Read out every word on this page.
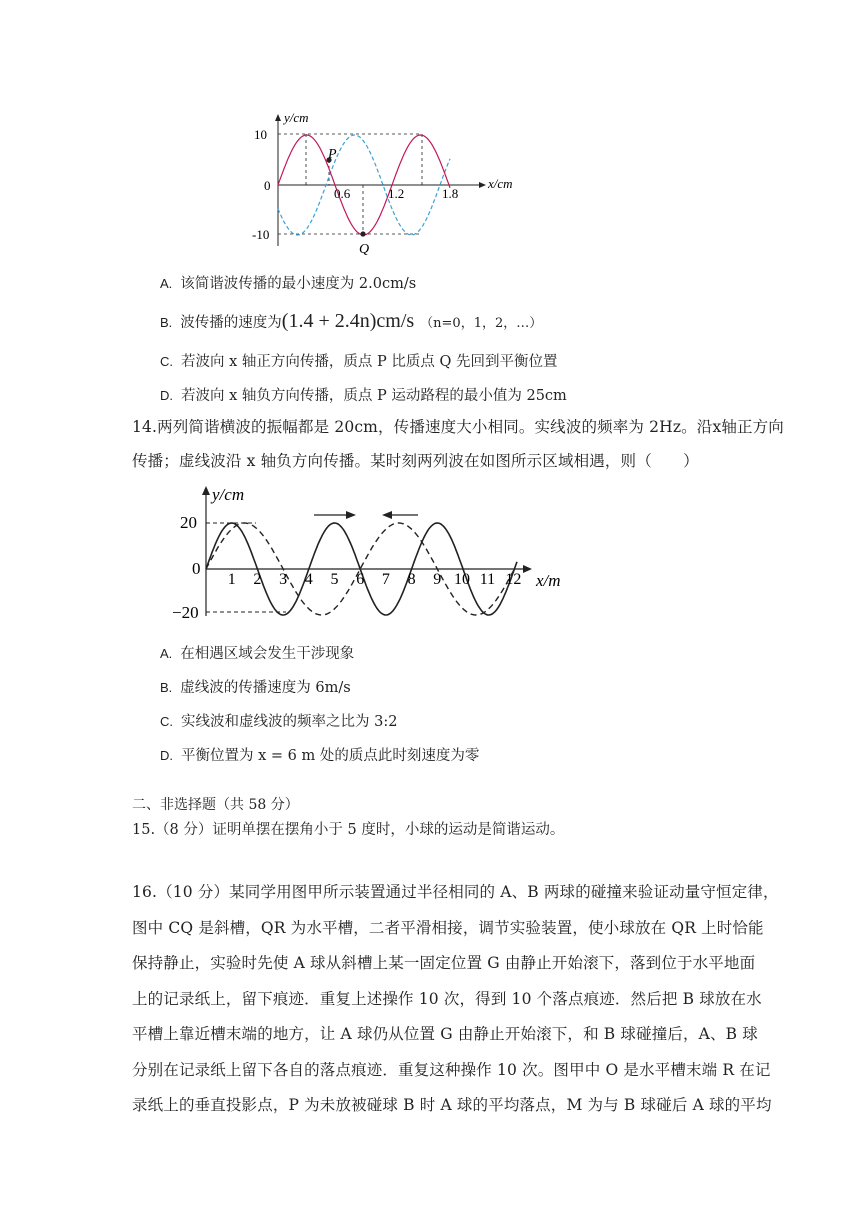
y/cm
x/cm
10
0
-10
0.6	1.2	1.8
P
Q
A. 该简谐波传播的最小速度为 2.0cm/s
B. 波传播的速度为(1.4 + 2.4n)cm/s （n=0，1，2，…）
C. 若波向 x 轴正方向传播，质点 P 比质点 Q 先回到平衡位置
D. 若波向 x 轴负方向传播，质点 P 运动路程的最小值为 25cm
14.两列简谐横波的振幅都是 20cm，传播速度大小相同。实线波的频率为 2Hz。沿x轴正方向
传播；虚线波沿 x 轴负方向传播。某时刻两列波在如图所示区域相遇，则（　　）
y/cm
x/m
20
0
−20
1 2 3 4 5 6 7 8 9 10 11 12
A. 在相遇区域会发生干涉现象
B. 虚线波的传播速度为 6m/s
C. 实线波和虚线波的频率之比为 3:2
D. 平衡位置为 x = 6 m 处的质点此时刻速度为零
二、非选择题（共 58 分）
15.（8 分）证明单摆在摆角小于 5 度时，小球的运动是简谐运动。
16.（10 分）某同学用图甲所示装置通过半径相同的 A、B 两球的碰撞来验证动量守恒定律，
图中 CQ 是斜槽，QR 为水平槽，二者平滑相接，调节实验装置，使小球放在 QR 上时恰能
保持静止，实验时先使 A 球从斜槽上某一固定位置 G 由静止开始滚下，落到位于水平地面
上的记录纸上，留下痕迹．重复上述操作 10 次，得到 10 个落点痕迹．然后把 B 球放在水
平槽上靠近槽末端的地方，让 A 球仍从位置 G 由静止开始滚下，和 B 球碰撞后，A、B 球
分别在记录纸上留下各自的落点痕迹．重复这种操作 10 次。图甲中 O 是水平槽末端 R 在记
录纸上的垂直投影点，P 为未放被碰球 B 时 A 球的平均落点，M 为与 B 球碰后 A 球的平均
